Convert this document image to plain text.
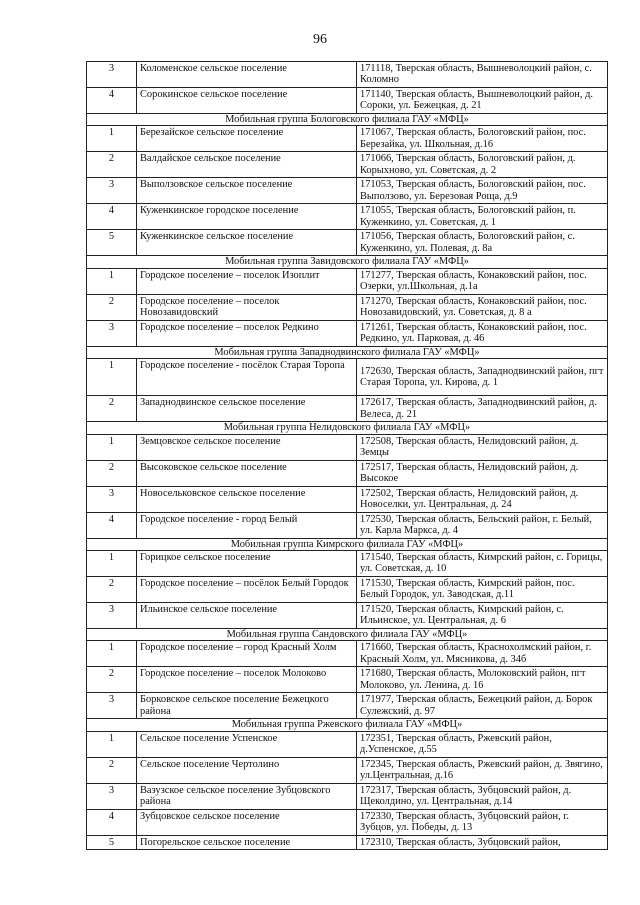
96
3	Коломенское сельское поселение	171118, Тверская область, Вышневолоцкий район, с. Коломно
4	Сорокинское сельское поселение	171140, Тверская область, Вышневолоцкий район, д. Сороки, ул. Бежецкая, д. 21
Мобильная группа Бологовского филиала ГАУ «МФЦ»		
1	Березайское сельское поселение	171067, Тверская область, Бологовский район, пос. Березайка, ул. Школьная, д.16
2	Валдайское сельское поселение	171066, Тверская область, Бологовский район, д. Корыхново, ул. Советская, д. 2
3	Выползовское сельское поселение	171053, Тверская область, Бологовский район, пос. Выползово, ул. Березовая Роща, д.9
4	Куженкинское городское поселение	171055, Тверская область, Бологовский район, п. Куженкино, ул. Советская, д. 1
5	Куженкинское сельское поселение	171056, Тверская область, Бологовский район, с. Куженкино, ул. Полевая, д. 8а
Мобильная группа Завидовского филиала ГАУ «МФЦ»		
1	Городское поселение – поселок Изоплит	171277, Тверская область, Конаковский район, пос. Озерки, ул.Школьная, д.1а
2	Городское поселение – поселок Новозавидовский	171270, Тверская область, Конаковский район, пос. Новозавидовский, ул. Советская, д. 8 а
3	Городское поселение – поселок Редкино	171261, Тверская область, Конаковский район, пос. Редкино, ул. Парковая, д. 46
Мобильная группа Западнодвинского филиала ГАУ «МФЦ»		
1	Городское поселение - посёлок Старая Торопа	172630, Тверская область, Западнодвинский район, пгт Старая Торопа, ул. Кирова, д. 1
2	Западнодвинское сельское поселение	172617, Тверская область, Западнодвинский район, д. Велеса, д. 21
Мобильная группа Нелидовского филиала ГАУ «МФЦ»		
1	Земцовское сельское поселение	172508, Тверская область, Нелидовский район, д. Земцы
2	Высоковское сельское поселение	172517, Тверская область, Нелидовский район, д. Высокое
3	Новосельковское сельское поселение	172502, Тверская область, Нелидовский район, д. Новоселки, ул. Центральная, д. 24
4	Городское поселение - город Белый	172530, Тверская область, Бельский район, г. Белый, ул. Карла Маркса, д. 4
Мобильная группа Кимрского филиала ГАУ «МФЦ»		
1	Горицкое сельское поселение	171540, Тверская область, Кимрский район, с. Горицы, ул. Советская, д. 10
2	Городское поселение – посёлок Белый Городок	171530, Тверская область, Кимрский район, пос. Белый Городок, ул. Заводская, д.11
3	Ильинское сельское поселение	171520, Тверская область, Кимрский район, с. Ильинское, ул. Центральная, д. 6
Мобильная группа Сандовского филиала ГАУ «МФЦ»		
1	Городское поселение – город Красный Холм	171660, Тверская область, Краснохолмский район, г. Красный Холм, ул. Мясникова, д. 34б
2	Городское поселение – поселок Молоково	171680, Тверская область, Молоковский район, пгт Молоково, ул. Ленина, д. 16
3	Борковское сельское поселение Бежецкого района	171977, Тверская область, Бежецкий район, д. Борок Сулежский, д. 97
Мобильная группа Ржевского филиала ГАУ «МФЦ»		
1	Сельское поселение Успенское	172351, Тверская область, Ржевский район, д.Успенское, д.55
2	Сельское поселение Чертолино	172345, Тверская область, Ржевский район, д. Звягино, ул.Центральная, д.16
3	Вазузское сельское поселение Зубцовского района	172317, Тверская область, Зубцовский район, д. Щеколдино, ул. Центральная, д.14
4	Зубцовское сельское поселение	172330, Тверская область, Зубцовский район, г. Зубцов, ул. Победы, д. 13
5	Погорельское сельское поселение	172310, Тверская область, Зубцовский район,
